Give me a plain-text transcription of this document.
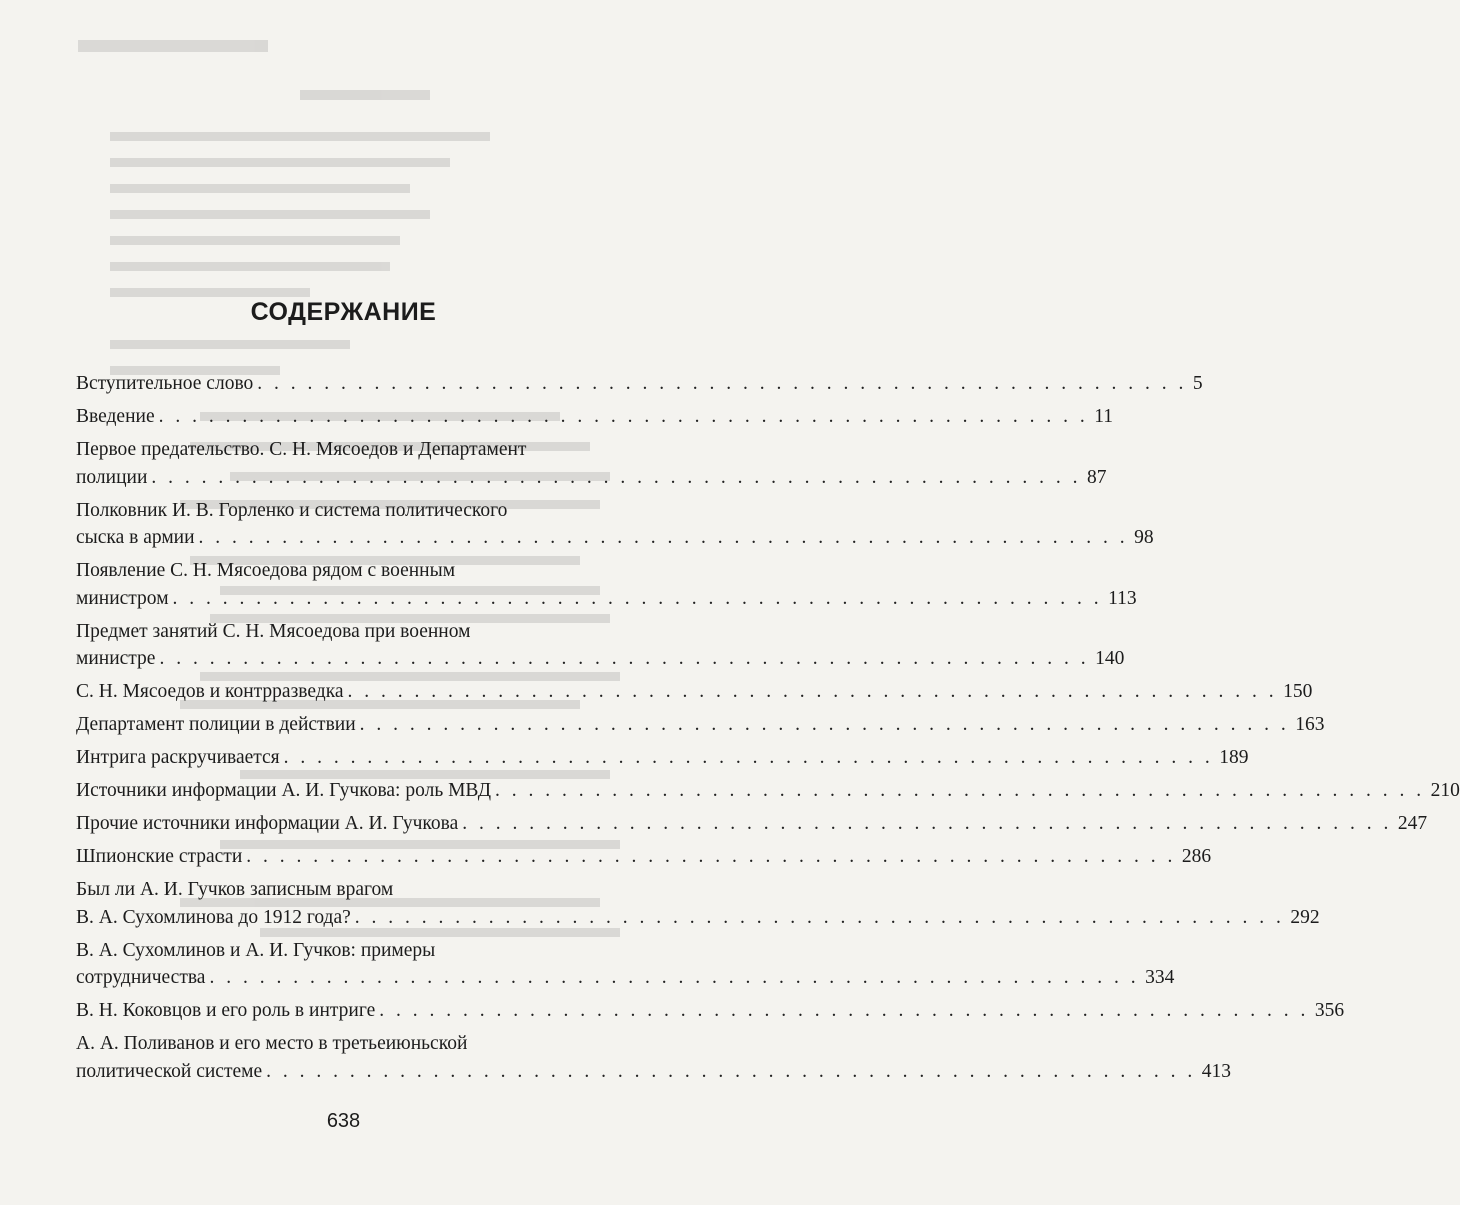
СОДЕРЖАНИЕ
Вступительное слово . . . . . . . . . . . . . . . . . . . . . . . . . . . . . . . . . . . . . . . . . . . . . . . . . . . . . . . . 5
Введение . . . . . . . . . . . . . . . . . . . . . . . . . . . . . . . . . . . . . . . . . . . . . . . . . . . . . . . . 11
Первое предательство. С. Н. Мясоедов и Департамент
полиции . . . . . . . . . . . . . . . . . . . . . . . . . . . . . . . . . . . . . . . . . . . . . . . . . . . . . . . . 87
Полковник И. В. Горленко и система политического
сыска в армии . . . . . . . . . . . . . . . . . . . . . . . . . . . . . . . . . . . . . . . . . . . . . . . . . . . . . . . . 98
Появление С. Н. Мясоедова рядом с военным
министром . . . . . . . . . . . . . . . . . . . . . . . . . . . . . . . . . . . . . . . . . . . . . . . . . . . . . . . . 113
Предмет занятий С. Н. Мясоедова при военном
министре . . . . . . . . . . . . . . . . . . . . . . . . . . . . . . . . . . . . . . . . . . . . . . . . . . . . . . . . 140
С. Н. Мясоедов и контрразведка . . . . . . . . . . . . . . . . . . . . . . . . . . . . . . . . . . . . . . . . . . . . . . . . . . . . . . . . 150
Департамент полиции в действии . . . . . . . . . . . . . . . . . . . . . . . . . . . . . . . . . . . . . . . . . . . . . . . . . . . . . . . . 163
Интрига раскручивается . . . . . . . . . . . . . . . . . . . . . . . . . . . . . . . . . . . . . . . . . . . . . . . . . . . . . . . . 189
Источники информации А. И. Гучкова: роль МВД . . . . . . . . . . . . . . . . . . . . . . . . . . . . . . . . . . . . . . . . . . . . . . . . . . . . . . . . 210
Прочие источники информации А. И. Гучкова . . . . . . . . . . . . . . . . . . . . . . . . . . . . . . . . . . . . . . . . . . . . . . . . . . . . . . . . 247
Шпионские страсти . . . . . . . . . . . . . . . . . . . . . . . . . . . . . . . . . . . . . . . . . . . . . . . . . . . . . . . . 286
Был ли А. И. Гучков записным врагом
В. А. Сухомлинова до 1912 года? . . . . . . . . . . . . . . . . . . . . . . . . . . . . . . . . . . . . . . . . . . . . . . . . . . . . . . . . 292
В. А. Сухомлинов и А. И. Гучков: примеры
сотрудничества . . . . . . . . . . . . . . . . . . . . . . . . . . . . . . . . . . . . . . . . . . . . . . . . . . . . . . . . 334
В. Н. Коковцов и его роль в интриге . . . . . . . . . . . . . . . . . . . . . . . . . . . . . . . . . . . . . . . . . . . . . . . . . . . . . . . . 356
А. А. Поливанов и его место в третьеиюньской
политической системе . . . . . . . . . . . . . . . . . . . . . . . . . . . . . . . . . . . . . . . . . . . . . . . . . . . . . . . . 413
638
